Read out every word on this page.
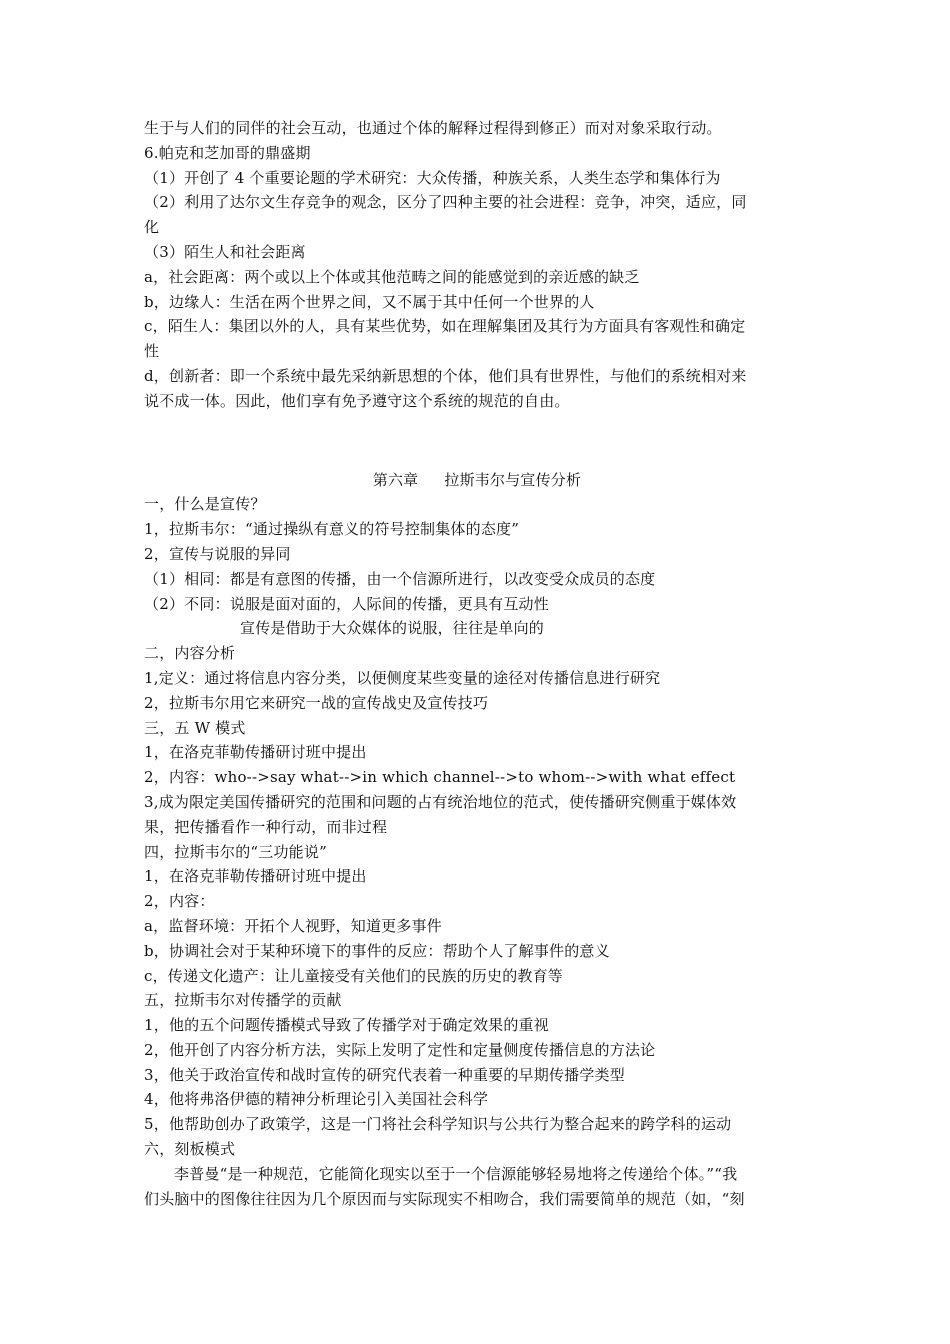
生于与人们的同伴的社会互动，也通过个体的解释过程得到修正）而对对象采取行动。
6.帕克和芝加哥的鼎盛期
（1）开创了 4 个重要论题的学术研究：大众传播，种族关系，人类生态学和集体行为
（2）利用了达尔文生存竞争的观念，区分了四种主要的社会进程：竞争，冲突，适应，同
化
（3）陌生人和社会距离
a，社会距离：两个或以上个体或其他范畴之间的能感觉到的亲近感的缺乏
b，边缘人：生活在两个世界之间，又不属于其中任何一个世界的人
c，陌生人：集团以外的人，具有某些优势，如在理解集团及其行为方面具有客观性和确定
性
d，创新者：即一个系统中最先采纳新思想的个体，他们具有世界性，与他们的系统相对来
说不成一体。因此，他们享有免予遵守这个系统的规范的自由。
第六章 拉斯韦尔与宣传分析
一，什么是宣传？
1，拉斯韦尔：“通过操纵有意义的符号控制集体的态度”
2，宣传与说服的异同
（1）相同：都是有意图的传播，由一个信源所进行，以改变受众成员的态度
（2）不同：说服是面对面的，人际间的传播，更具有互动性
宣传是借助于大众媒体的说服，往往是单向的
二，内容分析
1,定义：通过将信息内容分类，以便侧度某些变量的途径对传播信息进行研究
2，拉斯韦尔用它来研究一战的宣传战史及宣传技巧
三，五 W 模式
1，在洛克菲勒传播研讨班中提出
2，内容：who-->say what-->in which channel-->to whom-->with what effect
3,成为限定美国传播研究的范围和问题的占有统治地位的范式，使传播研究侧重于媒体效
果，把传播看作一种行动，而非过程
四，拉斯韦尔的“三功能说”
1，在洛克菲勒传播研讨班中提出
2，内容：
a，监督环境：开拓个人视野，知道更多事件
b，协调社会对于某种环境下的事件的反应：帮助个人了解事件的意义
c，传递文化遗产：让儿童接受有关他们的民族的历史的教育等
五，拉斯韦尔对传播学的贡献
1，他的五个问题传播模式导致了传播学对于确定效果的重视
2，他开创了内容分析方法，实际上发明了定性和定量侧度传播信息的方法论
3，他关于政治宣传和战时宣传的研究代表着一种重要的早期传播学类型
4，他将弗洛伊德的精神分析理论引入美国社会科学
5，他帮助创办了政策学，这是一门将社会科学知识与公共行为整合起来的跨学科的运动
六，刻板模式
李普曼“是一种规范，它能简化现实以至于一个信源能够轻易地将之传递给个体。”“我
们头脑中的图像往往因为几个原因而与实际现实不相吻合，我们需要简单的规范（如，“刻
